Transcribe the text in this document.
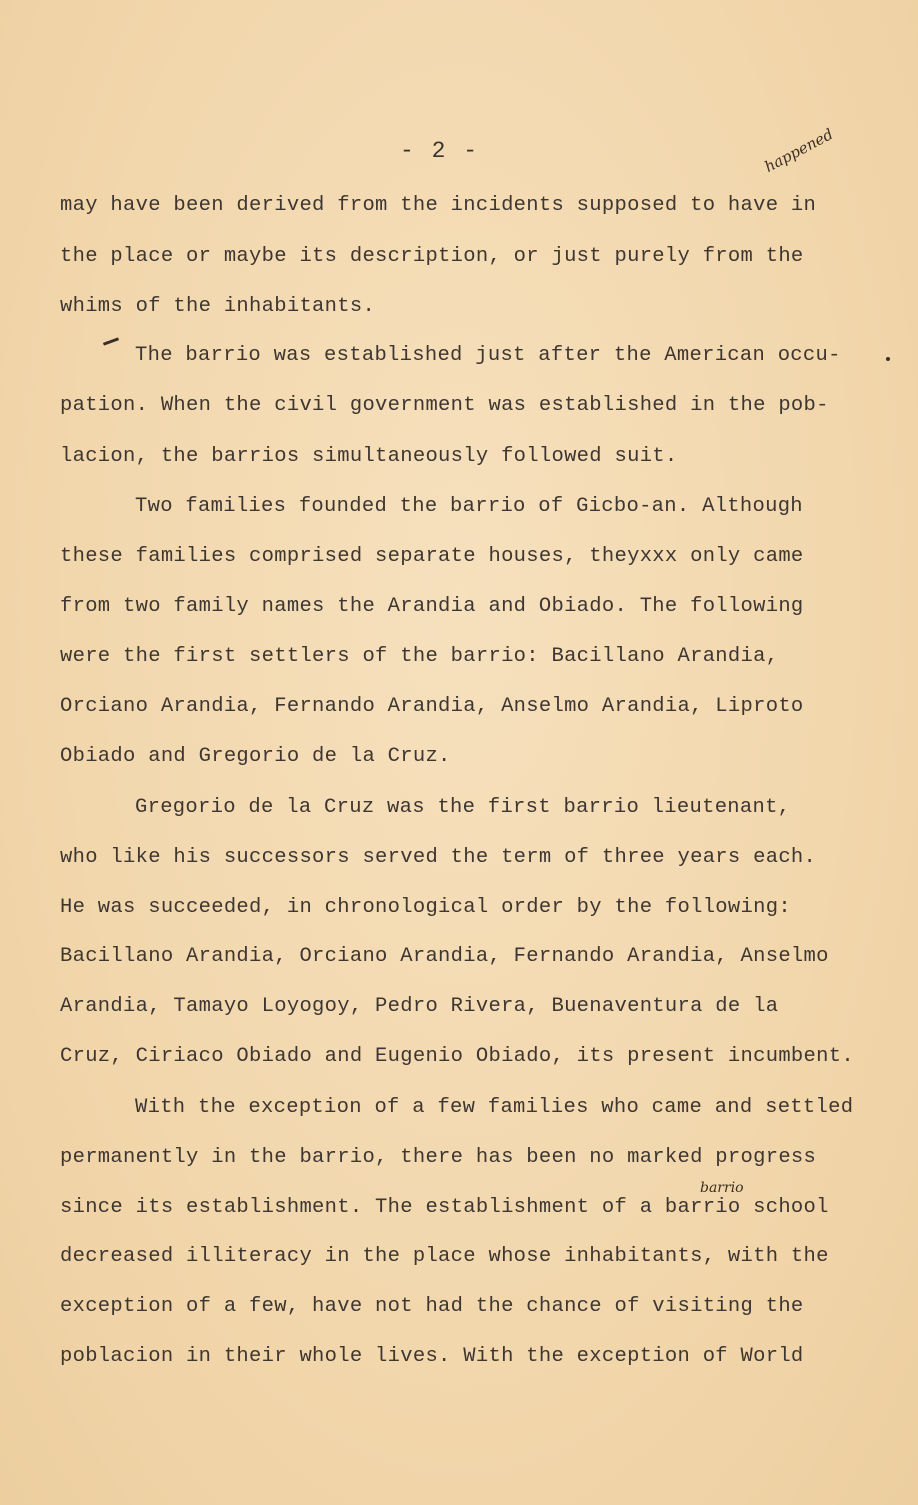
- 2 -	happened
barrio
may have been derived from the incidents supposed to have in
the place or maybe its description, or just purely from the
whims of the inhabitants.
The barrio was established just after the American occu-
pation. When the civil government was established in the pob-
lacion, the barrios simultaneously followed suit.
Two families founded the barrio of Gicbo-an. Although
these families comprised separate houses, theyxxx only came
from two family names the Arandia and Obiado. The following
were the first settlers of the barrio: Bacillano Arandia,
Orciano Arandia, Fernando Arandia, Anselmo Arandia, Liproto
Obiado and Gregorio de la Cruz.
Gregorio de la Cruz was the first barrio lieutenant,
who like his successors served the term of three years each.
He was succeeded, in chronological order by the following:
Bacillano Arandia, Orciano Arandia, Fernando Arandia, Anselmo
Arandia, Tamayo Loyogoy, Pedro Rivera, Buenaventura de la
Cruz, Ciriaco Obiado and Eugenio Obiado, its present incumbent.
With the exception of a few families who came and settled
permanently in the barrio, there has been no marked progress
since its establishment. The establishment of a barrio school
decreased illiteracy in the place whose inhabitants, with the
exception of a few, have not had the chance of visiting the
poblacion in their whole lives. With the exception of World
